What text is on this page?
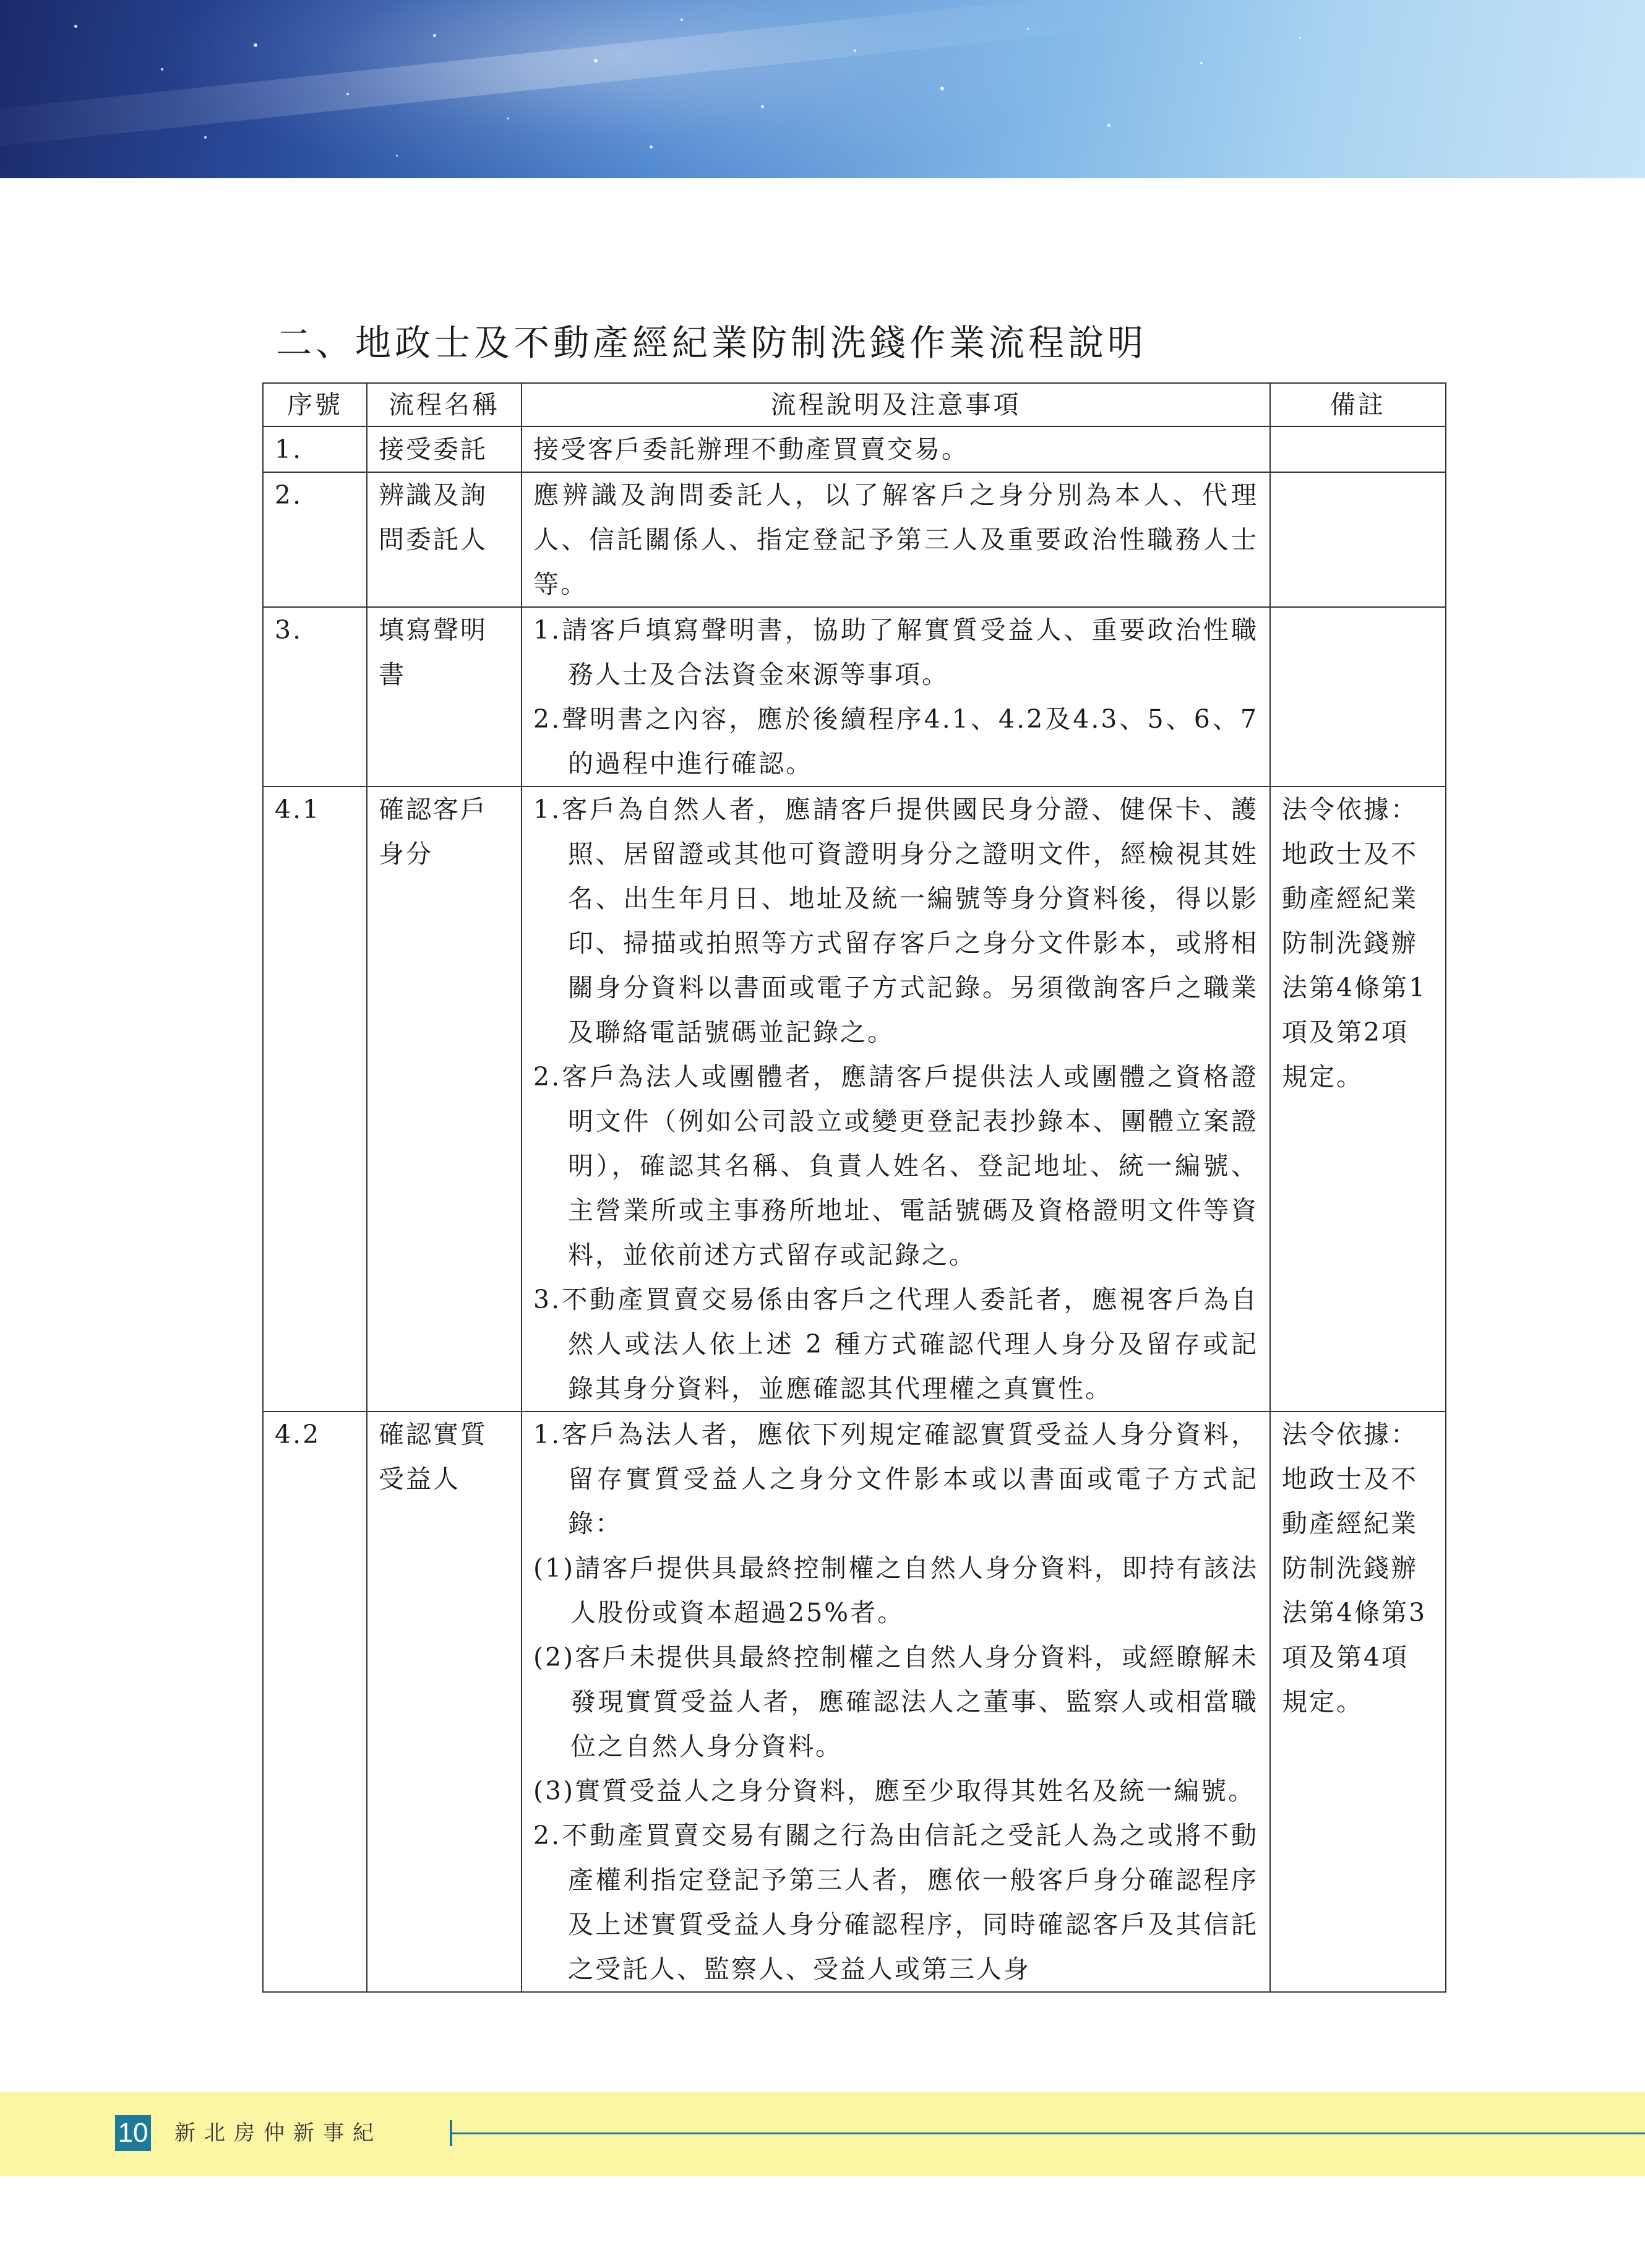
二、地政士及不動產經紀業防制洗錢作業流程說明
序號	流程名稱	流程說明及注意事項	備註
1.	接受委託	接受客戶委託辦理不動產買賣交易。	

2.	辨識及詢問委託人	應辨識及詢問委託人，以了解客戶之身分別為本人、代理人、信託關係人、指定登記予第三人及重要政治性職務人士等。	

3.	填寫聲明書	1.請客戶填寫聲明書，協助了解實質受益人、重要政治性職務人士及合法資金來源等事項。
2.聲明書之內容，應於後續程序4.1、4.2及4.3、5、6、7的過程中進行確認。	

4.1	確認客戶身分	1.客戶為自然人者，應請客戶提供國民身分證、健保卡、護照、居留證或其他可資證明身分之證明文件，經檢視其姓名、出生年月日、地址及統一編號等身分資料後，得以影印、掃描或拍照等方式留存客戶之身分文件影本，或將相關身分資料以書面或電子方式記錄。另須徵詢客戶之職業及聯絡電話號碼並記錄之。
2.客戶為法人或團體者，應請客戶提供法人或團體之資格證明文件（例如公司設立或變更登記表抄錄本、團體立案證明），確認其名稱、負責人姓名、登記地址、統一編號、主營業所或主事務所地址、電話號碼及資格證明文件等資料，並依前述方式留存或記錄之。
3.不動產買賣交易係由客戶之代理人委託者，應視客戶為自然人或法人依上述 2 種方式確認代理人身分及留存或記錄其身分資料，並應確認其代理權之真實性。	法令依據：地政士及不動產經紀業防制洗錢辦法第4條第1項及第2項規定。
4.2	確認實質受益人	1.客戶為法人者，應依下列規定確認實質受益人身分資料，留存實質受益人之身分文件影本或以書面或電子方式記錄：
(1)請客戶提供具最終控制權之自然人身分資料，即持有該法人股份或資本超過25%者。
(2)客戶未提供具最終控制權之自然人身分資料，或經瞭解未發現實質受益人者，應確認法人之董事、監察人或相當職位之自然人身分資料。
(3)實質受益人之身分資料，應至少取得其姓名及統一編號。
2.不動產買賣交易有關之行為由信託之受託人為之或將不動產權利指定登記予第三人者，應依一般客戶身分確認程序及上述實質受益人身分確認程序，同時確認客戶及其信託之受託人、監察人、受益人或第三人身	法令依據：地政士及不動產經紀業防制洗錢辦法第4條第3項及第4項規定。
10 新北房仲新事紀
